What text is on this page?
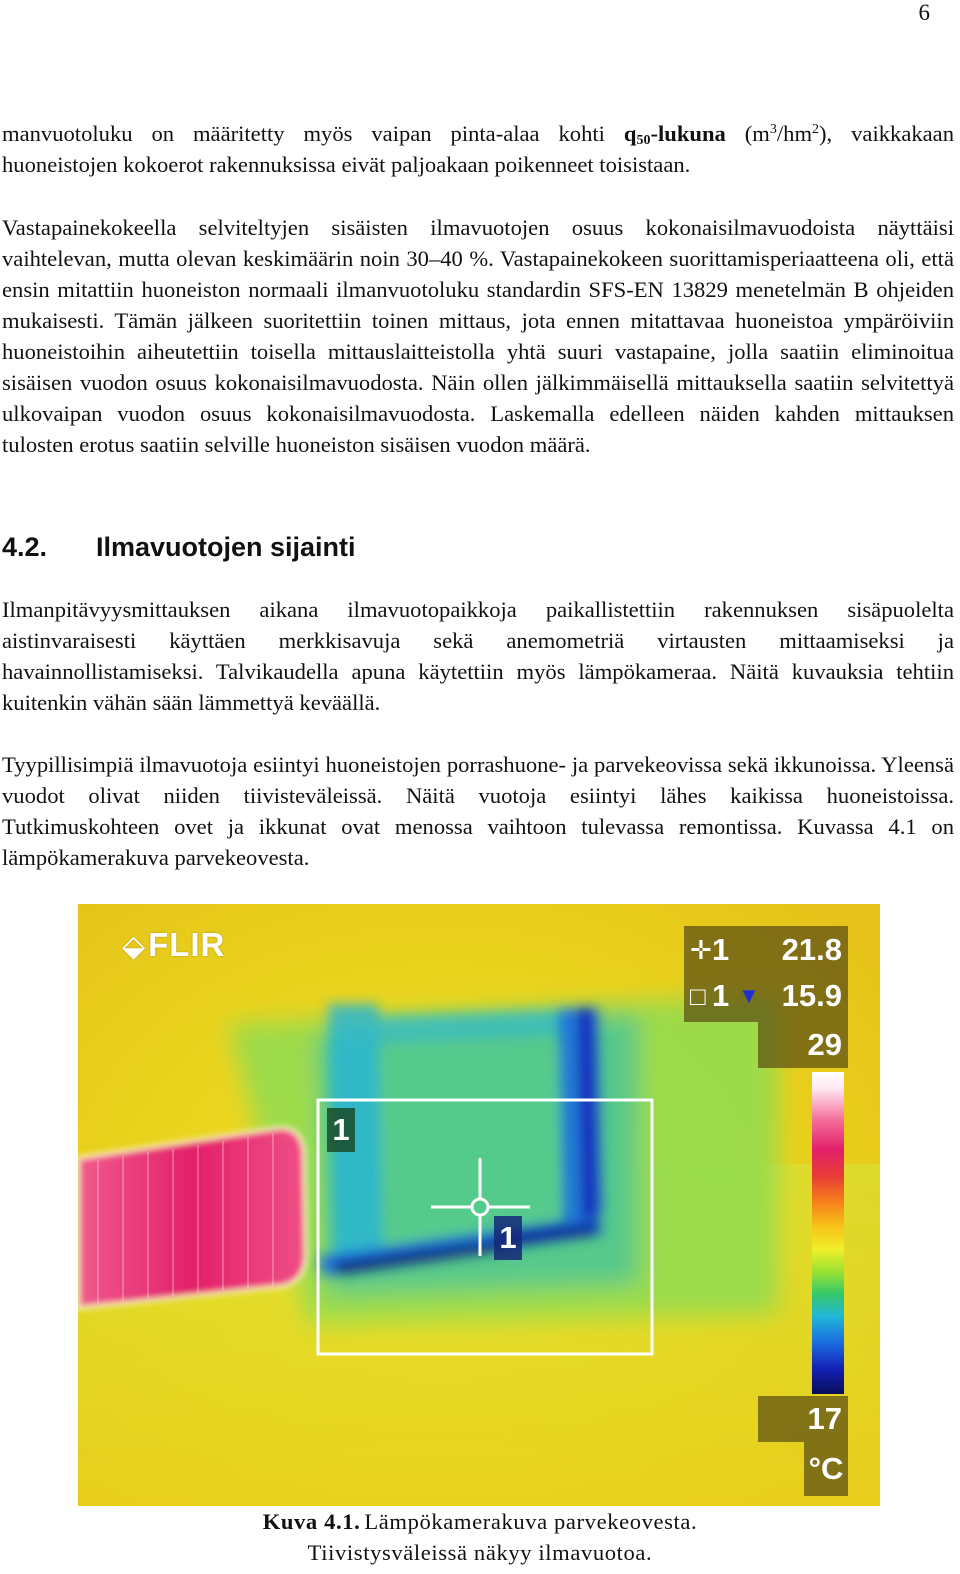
6

manvuotoluku on määritetty myös vaipan pinta-alaa kohti $q_{50}$-lukuna $(m^3/hm^2)$, vaikkakaan huoneistojen kokoerot rakennuksissa eivät paljoakaan poikenneet toisistaan.

Vastapainekokeella selviteltyjen sisäisten ilmavuotojen osuus kokonaisilmavuodoista näyttäisi vaihtelevan, mutta olevan keskimäärin noin 30–40 %. Vastapainekokeen suorittamisperiaatteena oli, että ensin mitattiin huoneiston normaali ilmanvuotoluku standardin SFS-EN 13829 menetelmän B ohjeiden mukaisesti. Tämän jälkeen suoritettiin toinen mittaus, jota ennen mitattavaa huoneistoa ympäröiviin huoneistoihin aiheutettiin toisella mittauslaitteistolla yhtä suuri vastapaine, jolla saatiin eliminoitua sisäisen vuodon osuus kokonaisilmavuodosta. Näin ollen jälkimmäisellä mittauksella saatiin selvitettyä ulkovaipan vuodon osuus kokonaisilmavuodosta. Laskemalla edelleen näiden kahden mittauksen tulosten erotus saatiin selville huoneiston sisäisen vuodon määrä.

4.2. Ilmavuotojen sijainti

Ilmanpitävyysmittauksen aikana ilmavuotopaikkoja paikallistettiin rakennuksen sisäpuolelta aistinvaraisesti käyttäen merkkisavuja sekä anemometriä virtausten mittaamiseksi ja havainnollistamiseksi. Talvikaudella apuna käytettiin myös lämpökameraa. Näitä kuvauksia tehtiin kuitenkin vähän sään lämmettyä keväällä.

Tyypillisimpiä ilmavuotoja esiintyi huoneistojen porrashuone- ja parvekeovissa sekä ikkunoissa. Yleensä vuodot olivat niiden tiivisteväleissä. Näitä vuotoja esiintyi lähes kaikissa huoneistoissa. Tutkimuskohteen ovet ja ikkunat ovat menossa vaihtoon tulevassa remontissa. Kuvassa 4.1 on lämpökamerakuva parvekeovesta.

⬙FLIR	✛ 1 21.8
□ 1 ▼ 15.9
29
17
°C
1
1

Kuva 4.1. Lämpökamerakuva parvekeovesta.
Tiivistysväleissä näkyy ilmavuotoa.
